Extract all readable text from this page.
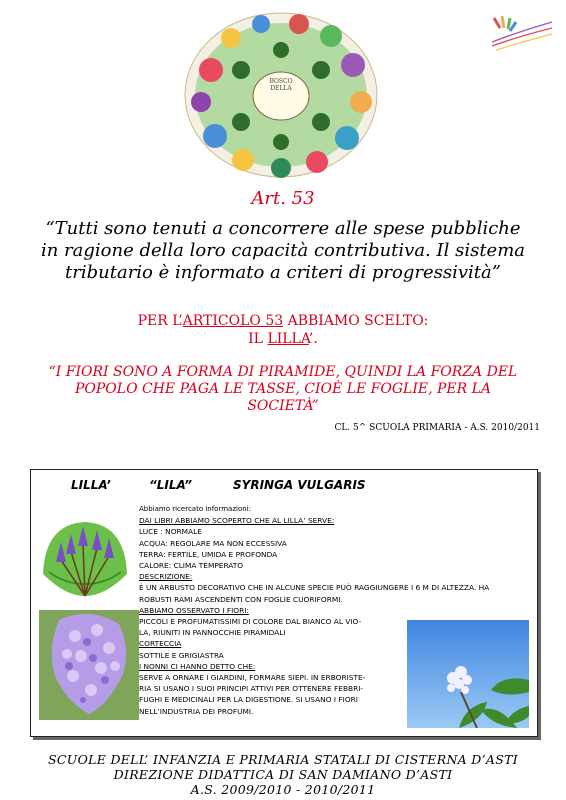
BOSCO
DELLA
Art. 53
“Tutti sono tenuti a concorrere alle spese pubbliche
in ragione della loro capacità contributiva. Il sistema
tributario è informato a criteri di progressività”
PER L’ARTICOLO 53 ABBIAMO SCELTO:
IL LILLA’.
“I FIORI SONO A FORMA DI PIRAMIDE, QUINDI LA FORZA DEL
POPOLO CHE PAGA LE TASSE, CIOÈ LE FOGLIE, PER LA
SOCIETÀ”
CL. 5^ SCUOLA PRIMARIA - A.S. 2010/2011
LILLA’	“LILA”	SYRINGA VULGARIS
Abbiamo ricercato informazioni:
DAI LIBRI ABBIAMO SCOPERTO CHE AL LILLA’ SERVE:
LUCE : NORMALE
ACQUA: REGOLARE MA NON ECCESSIVA
TERRA: FERTILE, UMIDA E PROFONDA
CALORE: CLIMA TEMPERATO
DESCRIZIONE:
È UN ARBUSTO DECORATIVO CHE IN ALCUNE SPECIE PUÒ RAGGIUNGERE I 6 M DI ALTEZZA. HA
ROBUSTI RAMI ASCENDENTI CON FOGLIE CUORIFORMI.
ABBIAMO OSSERVATO I FIORI:
PICCOLI E PROFUMATISSIMI DI COLORE DAL BIANCO AL VIO-
LA, RIUNITI IN PANNOCCHIE PIRAMIDALI
CORTECCIA
SOTTILE E GRIGIASTRA
I NONNI CI HANNO DETTO CHE:
SERVE A ORNARE I GIARDINI, FORMARE SIEPI. IN ERBORISTE-
RIA SI USANO I SUOI PRINCIPI ATTIVI PER OTTENERE FEBBRI-
FUGHI E MEDICINALI PER LA DIGESTIONE. SI USANO I FIORI
NELL’INDUSTRIA DEI PROFUMI.
SCUOLE DELL’ INFANZIA E PRIMARIA STATALI DI CISTERNA D’ASTI
DIREZIONE DIDATTICA DI SAN DAMIANO D’ASTI
A.S. 2009/2010 - 2010/2011
